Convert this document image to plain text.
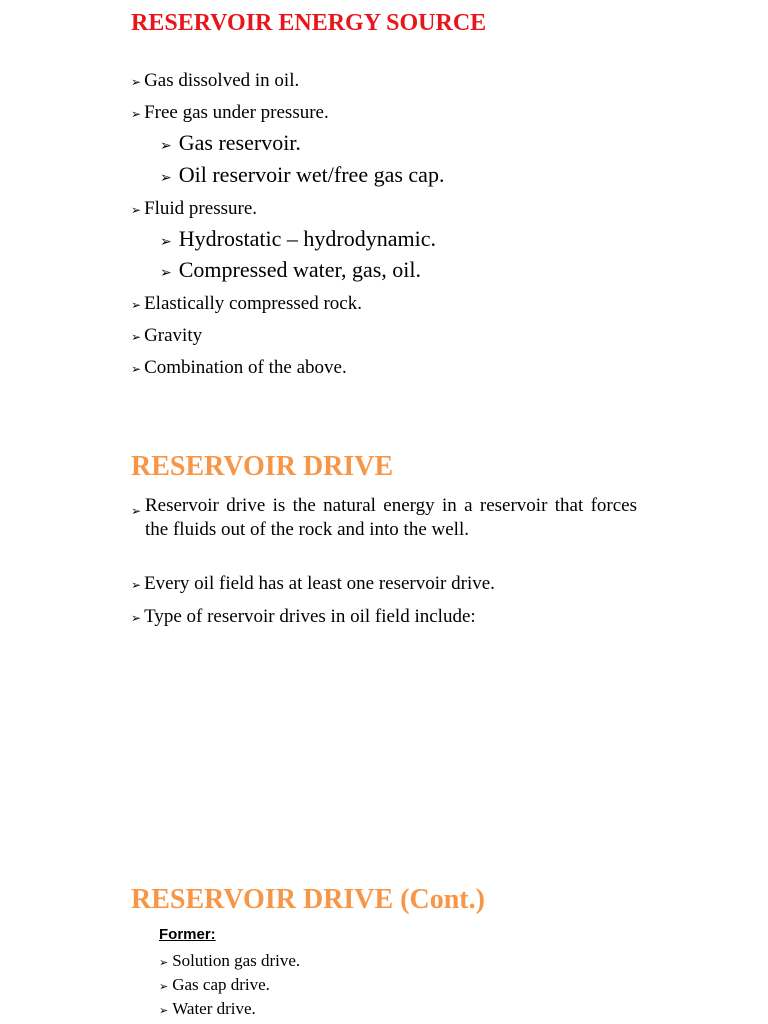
RESERVOIR ENERGY SOURCE
➢ Gas dissolved in oil.
➢ Free gas under pressure.
➢ Gas reservoir.
➢ Oil reservoir wet/free gas cap.
➢ Fluid pressure.
➢ Hydrostatic – hydrodynamic.
➢ Compressed water, gas, oil.
➢ Elastically compressed rock.
➢ Gravity
➢ Combination of the above.
RESERVOIR DRIVE
➢ Reservoir drive is the natural energy in a reservoir that forces the fluids out of the rock and into the well.
➢ Every oil field has at least one reservoir drive.
➢ Type of reservoir drives in oil field include:
RESERVOIR DRIVE (Cont.)
Former:
➢ Solution gas drive.
➢ Gas cap drive.
➢ Water drive.
